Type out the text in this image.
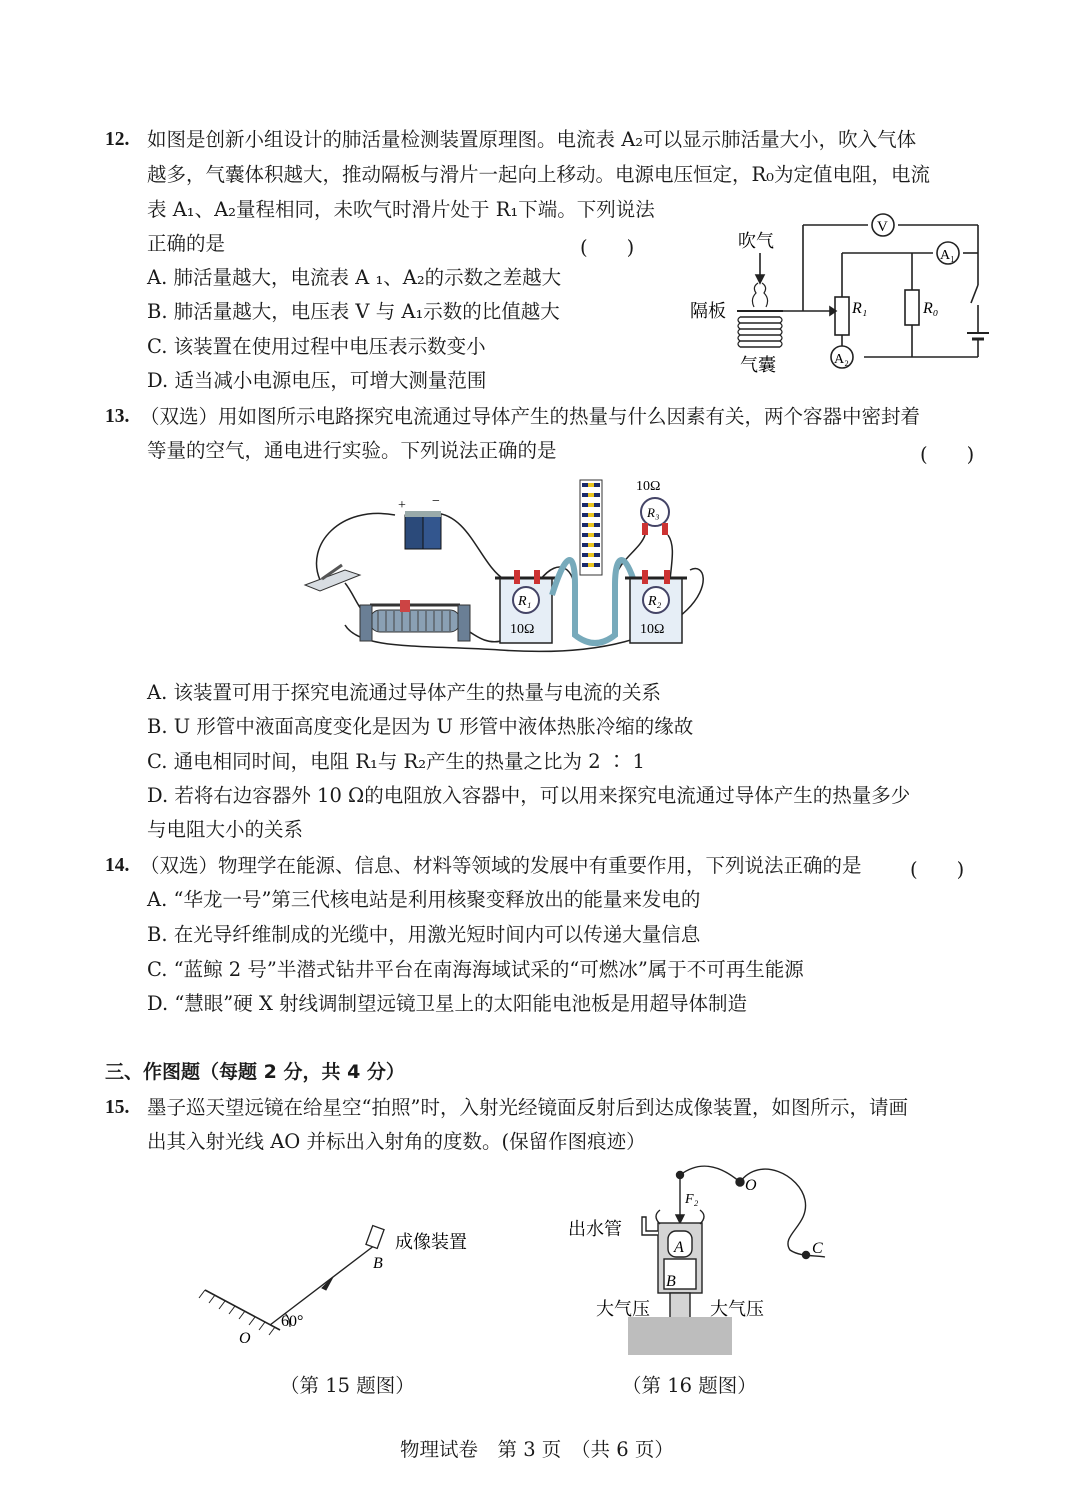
12. 如图是创新小组设计的肺活量检测装置原理图。电流表 A₂可以显示肺活量大小，吹入气体
越多，气囊体积越大，推动隔板与滑片一起向上移动。电源电压恒定，R₀为定值电阻，电流
表 A₁、A₂量程相同，未吹气时滑片处于 R₁下端。下列说法
正确的是	(　　)
A. 肺活量越大，电流表 A ₁、A₂的示数之差越大
B. 肺活量越大，电压表 V 与 A₁示数的比值越大
C. 该装置在使用过程中电压表示数变小
D. 适当减小电源电压，可增大测量范围
吹气
隔板
气囊
V
A₁
A₂
R₁	R₀
13. （双选）用如图所示电路探究电流通过导体产生的热量与什么因素有关，两个容器中密封着
等量的空气，通电进行实验。下列说法正确的是	(　　)
+ −
R₁
10Ω
R₂
10Ω
10Ω
R₃
A. 该装置可用于探究电流通过导体产生的热量与电流的关系
B. U 形管中液面高度变化是因为 U 形管中液体热胀冷缩的缘故
C. 通电相同时间，电阻 R₁与 R₂产生的热量之比为 2 ∶ 1
D. 若将右边容器外 10 Ω的电阻放入容器中，可以用来探究电流通过导体产生的热量多少
与电阻大小的关系
14. （双选）物理学在能源、信息、材料等领域的发展中有重要作用，下列说法正确的是 (　　)
A. “华龙一号”第三代核电站是利用核聚变释放出的能量来发电的
B. 在光导纤维制成的光缆中，用激光短时间内可以传递大量信息
C. “蓝鲸 2 号”半潜式钻井平台在南海海域试采的“可燃冰”属于不可再生能源
D. “慧眼”硬 X 射线调制望远镜卫星上的太阳能电池板是用超导体制造
三、作图题（每题 2 分，共 4 分）
15. 墨子巡天望远镜在给星空“拍照”时，入射光经镜面反射后到达成像装置，如图所示，请画
出其入射光线 AO 并标出入射角的度数。(保留作图痕迹）
成像装置
B
O
60°
（第 15 题图）
F₂
O
C
A
B
出水管
大气压	大气压
（第 16 题图）
物理试卷　第 3 页　（共 6 页）
